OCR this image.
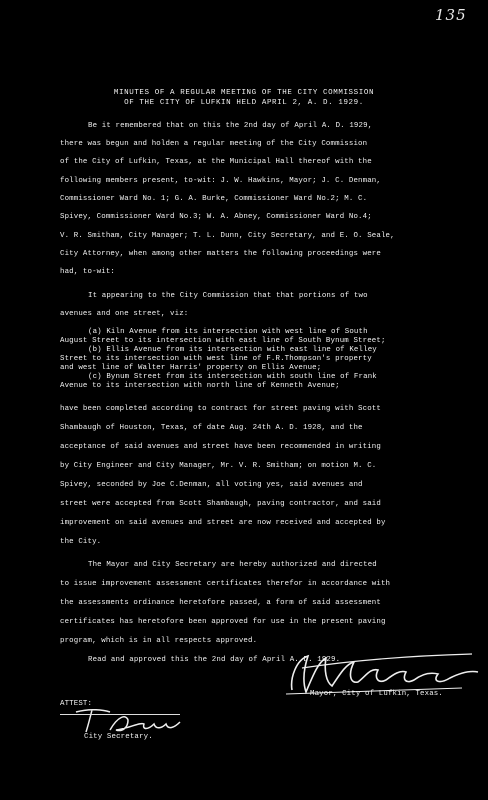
135
MINUTES OF A REGULAR MEETING OF THE CITY COMMISSION
OF THE CITY OF LUFKIN HELD APRIL 2, A. D. 1929.
Be it remembered that on this the 2nd day of April A. D. 1929,
there was begun and holden a regular meeting of the City Commission
of the City of Lufkin, Texas, at the Municipal Hall thereof with the
following members present, to-wit: J. W. Hawkins, Mayor; J. C. Denman,
Commissioner Ward No. 1; G. A. Burke, Commissioner Ward No.2; M. C.
Spivey, Commissioner Ward No.3; W. A. Abney, Commissioner Ward No.4;
V. R. Smitham, City Manager; T. L. Dunn, City Secretary, and E. O. Seale,
City Attorney, when among other matters the following proceedings were
had, to-wit:
It appearing to the City Commission that that portions of two
avenues and one street, viz:
(a) Kiln Avenue from its intersection with west line of South
August Street to its intersection with east line of South Bynum Street;
(b) Ellis Avenue from its intersection with east line of Kelley
Street to its intersection with west line of F.R.Thompson's property
and west line of Walter Harris' property on Ellis Avenue;
(c) Bynum Street from its intersection with south line of Frank
Avenue to its intersection with north line of Kenneth Avenue;
have been completed according to contract for street paving with Scott
Shambaugh of Houston, Texas, of date Aug. 24th A. D. 1928, and the
acceptance of said avenues and street have been recommended in writing
by City Engineer and City Manager, Mr. V. R. Smitham; on motion M. C.
Spivey, seconded by Joe C.Denman, all voting yes, said avenues and
street were accepted from Scott Shambaugh, paving contractor, and said
improvement on said avenues and street are now received and accepted by
the City.
The Mayor and City Secretary are hereby authorized and directed
to issue improvement assessment certificates therefor in accordance with
the assessments ordinance heretofore passed, a form of said assessment
certificates has heretofore been approved for use in the present paving
program, which is in all respects approved.
Read and approved this the 2nd day of April A. D. 1929.
Mayor, City of Lufkin, Texas.
ATTEST:
City Secretary.
